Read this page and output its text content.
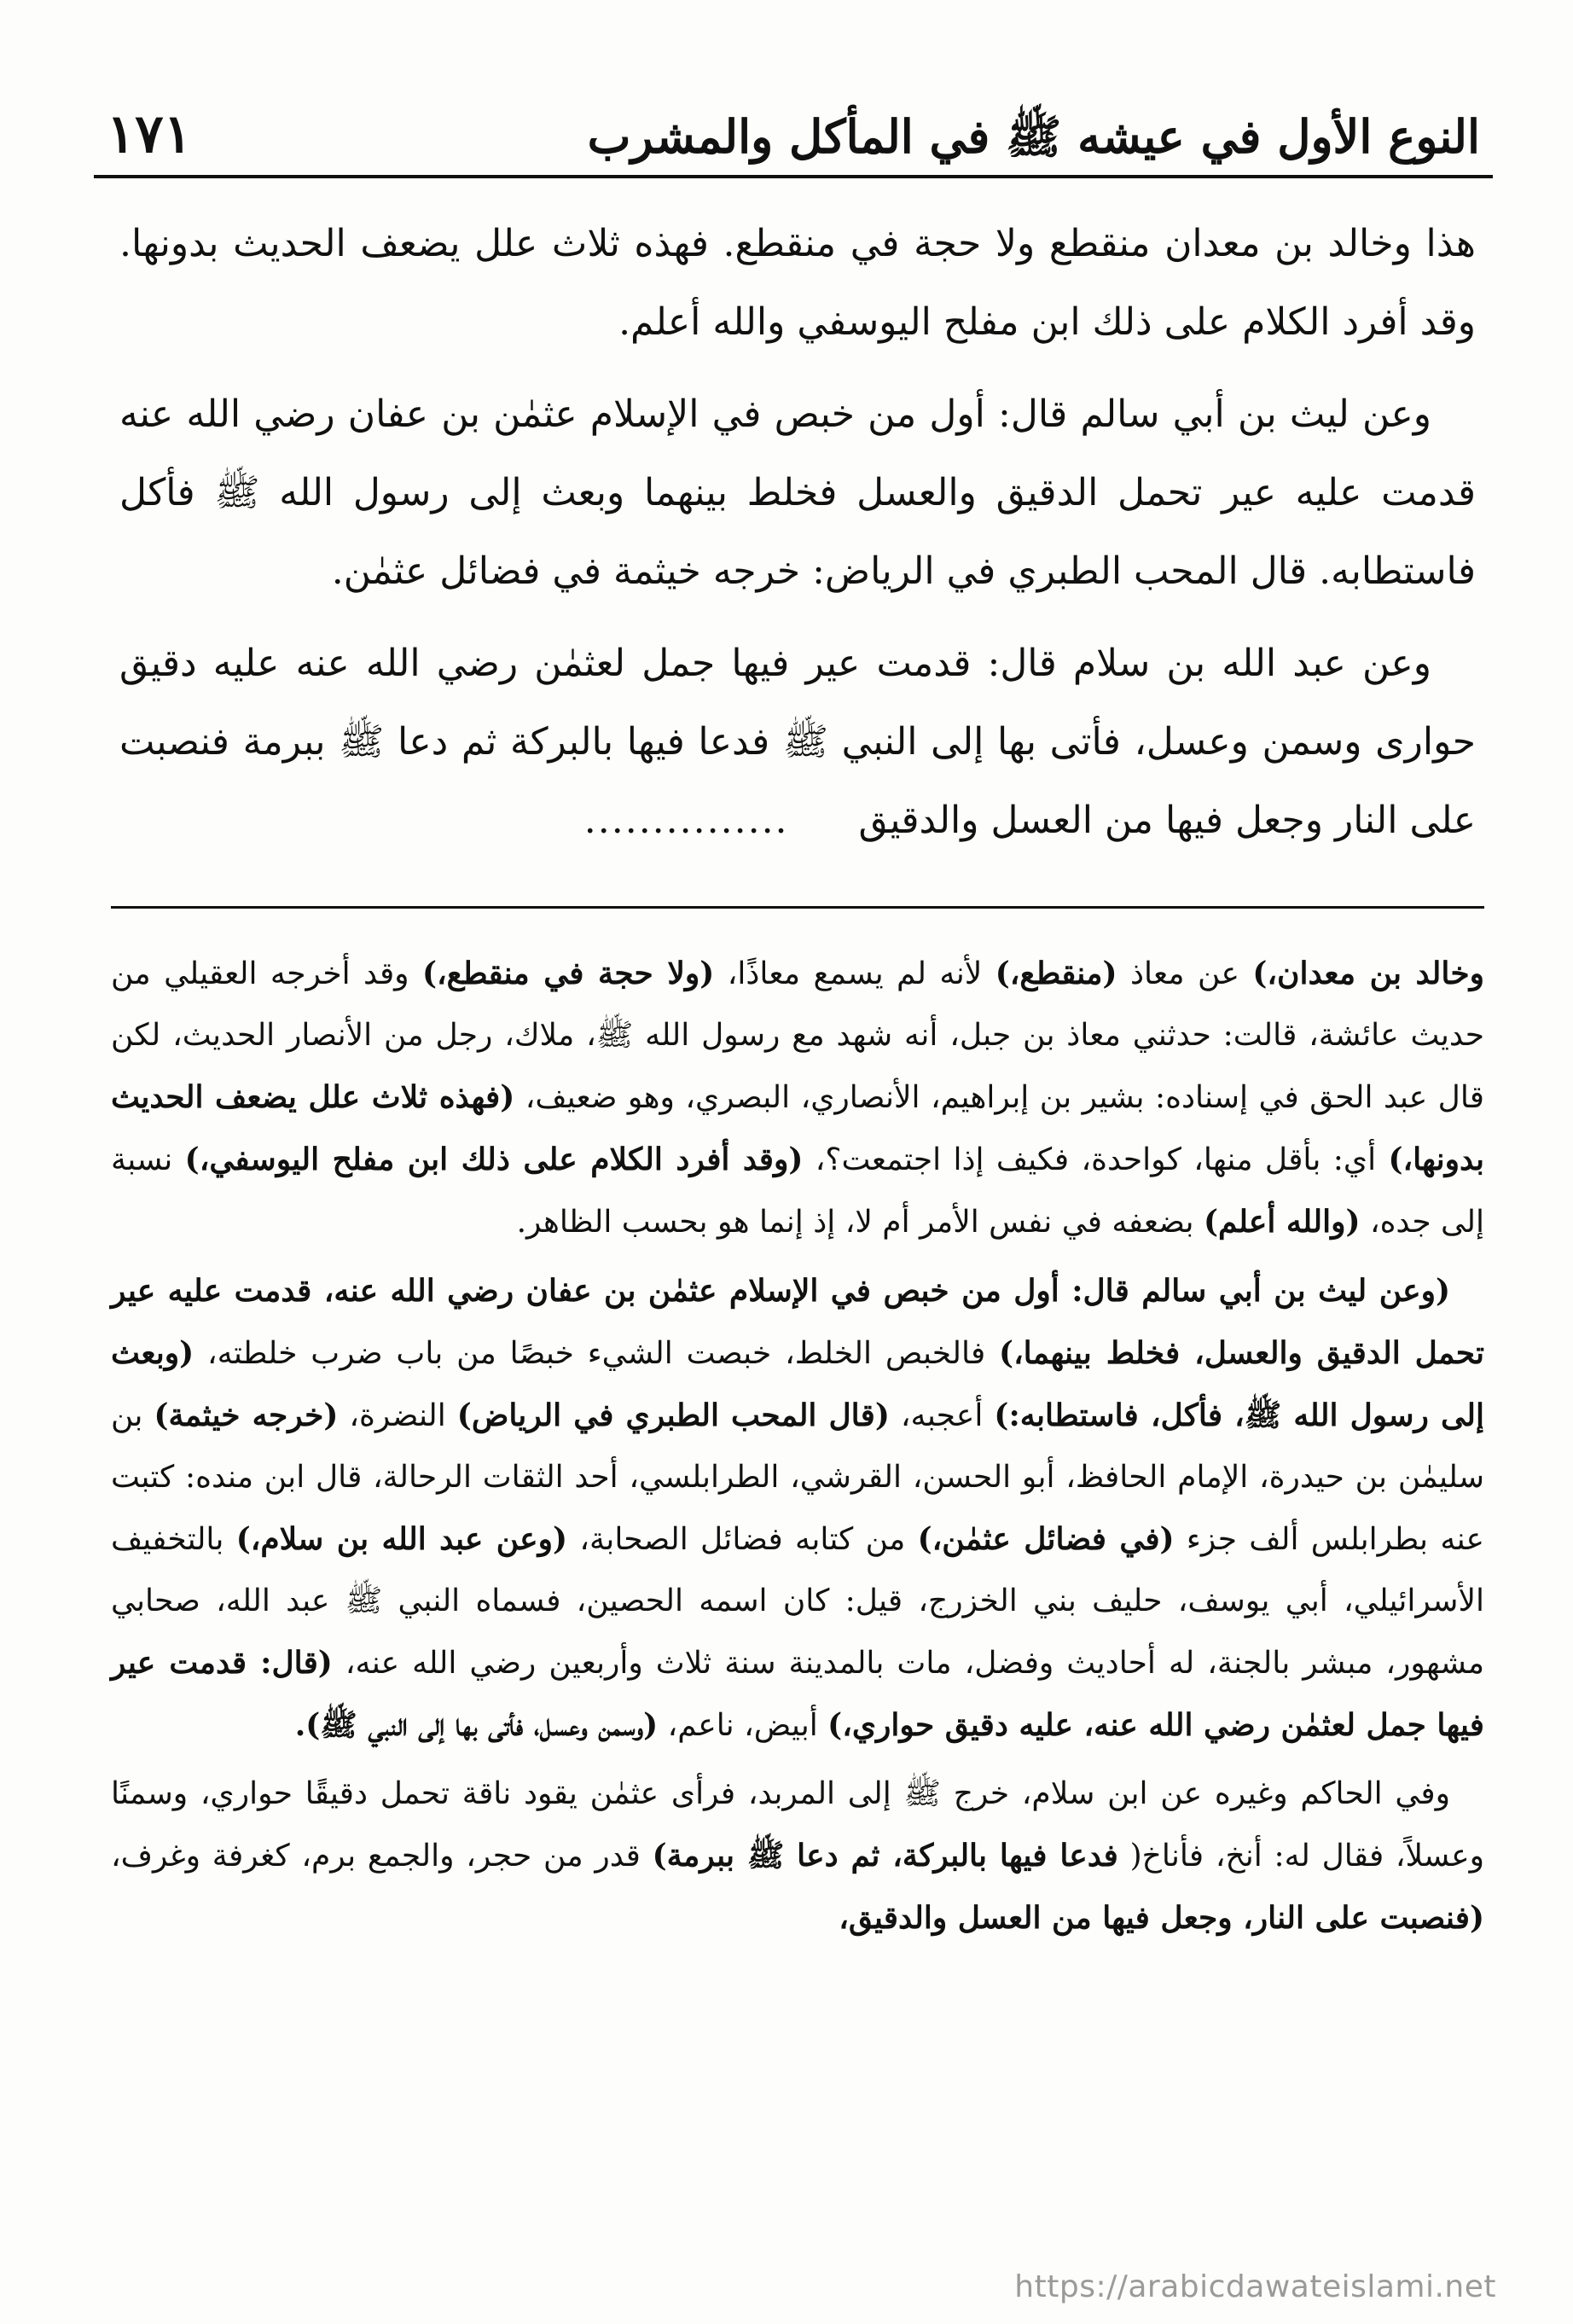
النوع الأول في عيشه ﷺ في المأكل والمشرب
١٧١

هذا وخالد بن معدان منقطع ولا حجة في منقطع. فهذه ثلاث علل يضعف الحديث بدونها. وقد أفرد الكلام على ذلك ابن مفلح اليوسفي والله أعلم.

وعن ليث بن أبي سالم قال: أول من خبص في الإسلام عثمٰن بن عفان رضي الله عنه قدمت عليه عير تحمل الدقيق والعسل فخلط بينهما وبعث إلى رسول الله ﷺ فأكل فاستطابه. قال المحب الطبري في الرياض: خرجه خيثمة في فضائل عثمٰن.

وعن عبد الله بن سلام قال: قدمت عير فيها جمل لعثمٰن رضي الله عنه عليه دقيق حوارى وسمن وعسل، فأتى بها إلى النبي ﷺ فدعا فيها بالبركة ثم دعا ﷺ ببرمة فنصبت على النار وجعل فيها من العسل والدقيق...............

وخالد بن معدان،) عن معاذ (منقطع،) لأنه لم يسمع معاذًا، (ولا حجة في منقطع،) وقد أخرجه العقيلي من حديث عائشة، قالت: حدثني معاذ بن جبل، أنه شهد مع رسول الله ﷺ، ملاك، رجل من الأنصار الحديث، لكن قال عبد الحق في إسناده: بشير بن إبراهيم، الأنصاري، البصري، وهو ضعيف، (فهذه ثلاث علل يضعف الحديث بدونها،) أي: بأقل منها، كواحدة، فكيف إذا اجتمعت؟، (وقد أفرد الكلام على ذلك ابن مفلح اليوسفي،) نسبة إلى جده، (والله أعلم) بضعفه في نفس الأمر أم لا، إذ إنما هو بحسب الظاهر.

(وعن ليث بن أبي سالم قال: أول من خبص في الإسلام عثمٰن بن عفان رضي الله عنه، قدمت عليه عير تحمل الدقيق والعسل، فخلط بينهما،) فالخبص الخلط، خبصت الشيء خبصًا من باب ضرب خلطته، (وبعث إلى رسول الله ﷺ، فأكل، فاستطابه:) أعجبه، (قال المحب الطبري في الرياض) النضرة، (خرجه خيثمة) بن سليمٰن بن حيدرة، الإمام الحافظ، أبو الحسن، القرشي، الطرابلسي، أحد الثقات الرحالة، قال ابن منده: كتبت عنه بطرابلس ألف جزء (في فضائل عثمٰن،) من كتابه فضائل الصحابة، (وعن عبد الله بن سلام،) بالتخفيف الأسرائيلي، أبي يوسف، حليف بني الخزرج، قيل: كان اسمه الحصين، فسماه النبي ﷺ عبد الله، صحابي مشهور، مبشر بالجنة، له أحاديث وفضل، مات بالمدينة سنة ثلاث وأربعين رضي الله عنه، (قال: قدمت عير فيها جمل لعثمٰن رضي الله عنه، عليه دقيق حواري،) أبيض، ناعم، (وسمن وعسل، فأتى بها إلى النبي ﷺ).

وفي الحاكم وغيره عن ابن سلام، خرج ﷺ إلى المربد، فرأى عثمٰن يقود ناقة تحمل دقيقًا حواري، وسمنًا وعسلاً، فقال له: أنخ، فأناخ( فدعا فيها بالبركة، ثم دعا ﷺ ببرمة) قدر من حجر، والجمع برم، كغرفة وغرف، (فنصبت على النار، وجعل فيها من العسل والدقيق،

https://arabicdawateislami.net
